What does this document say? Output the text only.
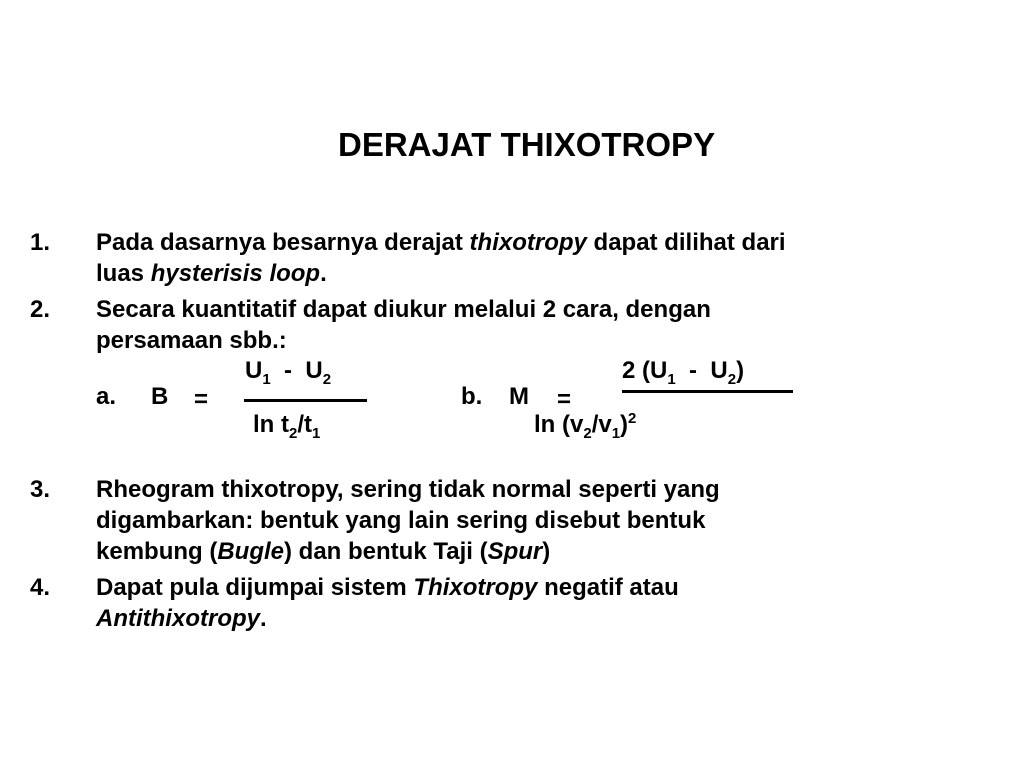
DERAJAT THIXOTROPY
1. Pada dasarnya besarnya derajat thixotropy dapat dilihat dari
luas hysterisis loop.
2. Secara kuantitatif dapat diukur melalui 2 cara, dengan
persamaan sbb.:
$U_1 - U_2$
a. B =
$\ln t_2/t_1$
2 $(U_1 - U_2)$
b. M =
$\ln (v_2/v_1)^2$
3. Rheogram thixotropy, sering tidak normal seperti yang
digambarkan: bentuk yang lain sering disebut bentuk
kembung (Bugle) dan bentuk Taji (Spur)
4. Dapat pula dijumpai sistem Thixotropy negatif atau
Antithixotropy.
